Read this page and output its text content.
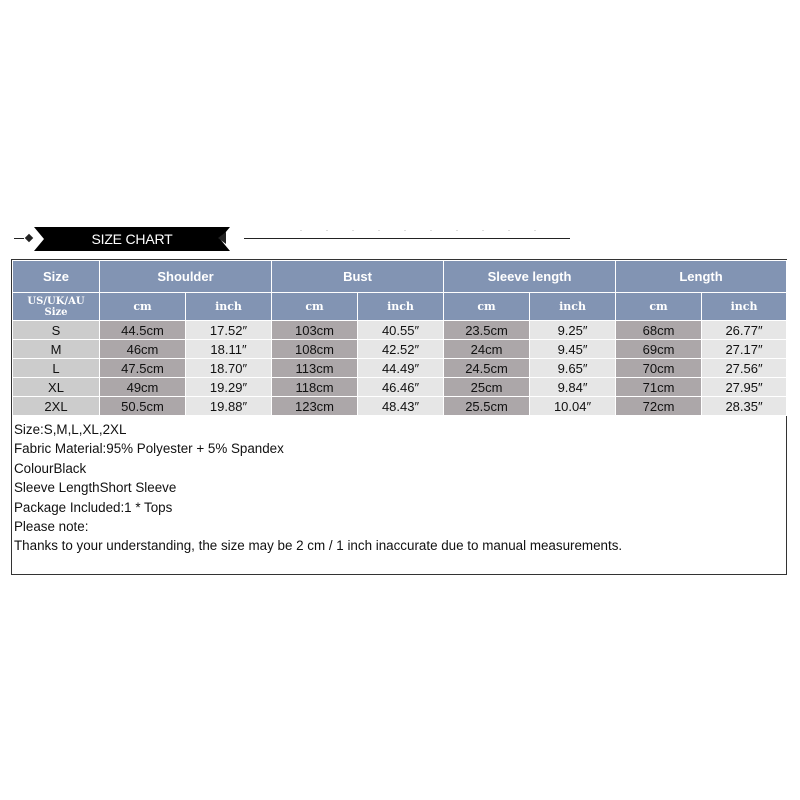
SIZE CHART
Size	Shoulder		Bust		Sleeve length		Length	

US/UK/AU
Size	cm	inch	cm	inch	cm	inch	cm	inch
S	44.5cm	17.52″	103cm	40.55″	23.5cm	9.25″	68cm	26.77″
M	46cm	18.11″	108cm	42.52″	24cm	9.45″	69cm	27.17″
L	47.5cm	18.70″	113cm	44.49″	24.5cm	9.65″	70cm	27.56″
XL	49cm	19.29″	118cm	46.46″	25cm	9.84″	71cm	27.95″
2XL	50.5cm	19.88″	123cm	48.43″	25.5cm	10.04″	72cm	28.35″
Size:S,M,L,XL,2XL
Fabric Material:95% Polyester + 5% Spandex
ColourBlack
Sleeve LengthShort Sleeve
Package Included:1 * Tops
Please note:
Thanks to your understanding, the size may be 2 cm / 1 inch inaccurate due to manual measurements.
